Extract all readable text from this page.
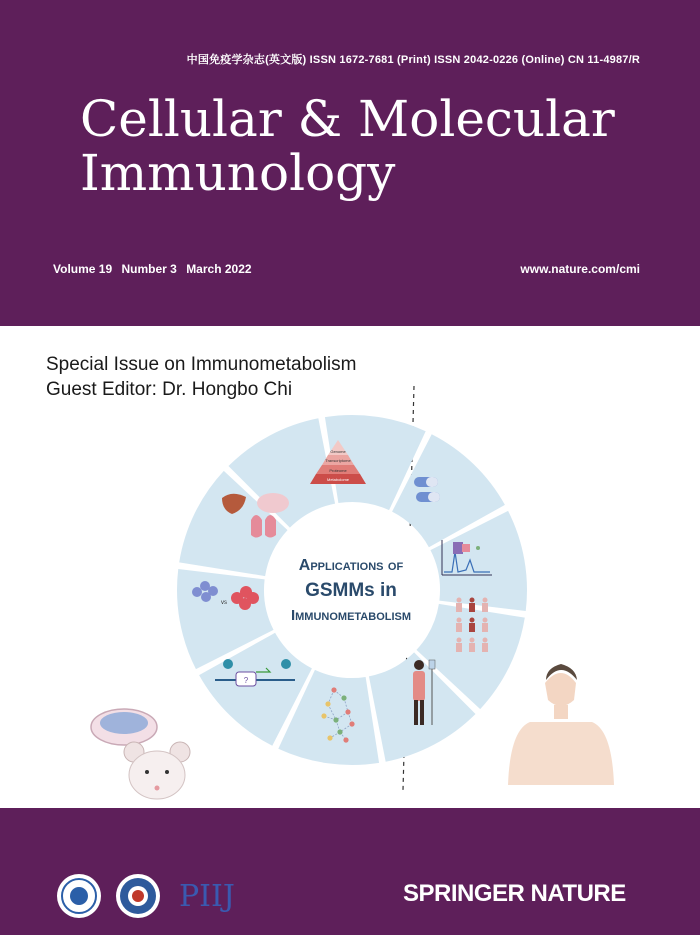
中国免疫学杂志(英文版) ISSN 1672-7681 (Print) ISSN 2042-0226 (Online) CN 11-4987/R
Cellular & Molecular
Immunology
Volume 19 Number 3 March 2022	www.nature.com/cmi
Special Issue on Immunometabolism
Guest Editor: Dr. Hongbo Chi
Genome
Transcriptome
Proteome
Metabolome
?
vs
Applications of
GSMMs in
Immunometabolism
PIIJ	SPRINGER NATURE
